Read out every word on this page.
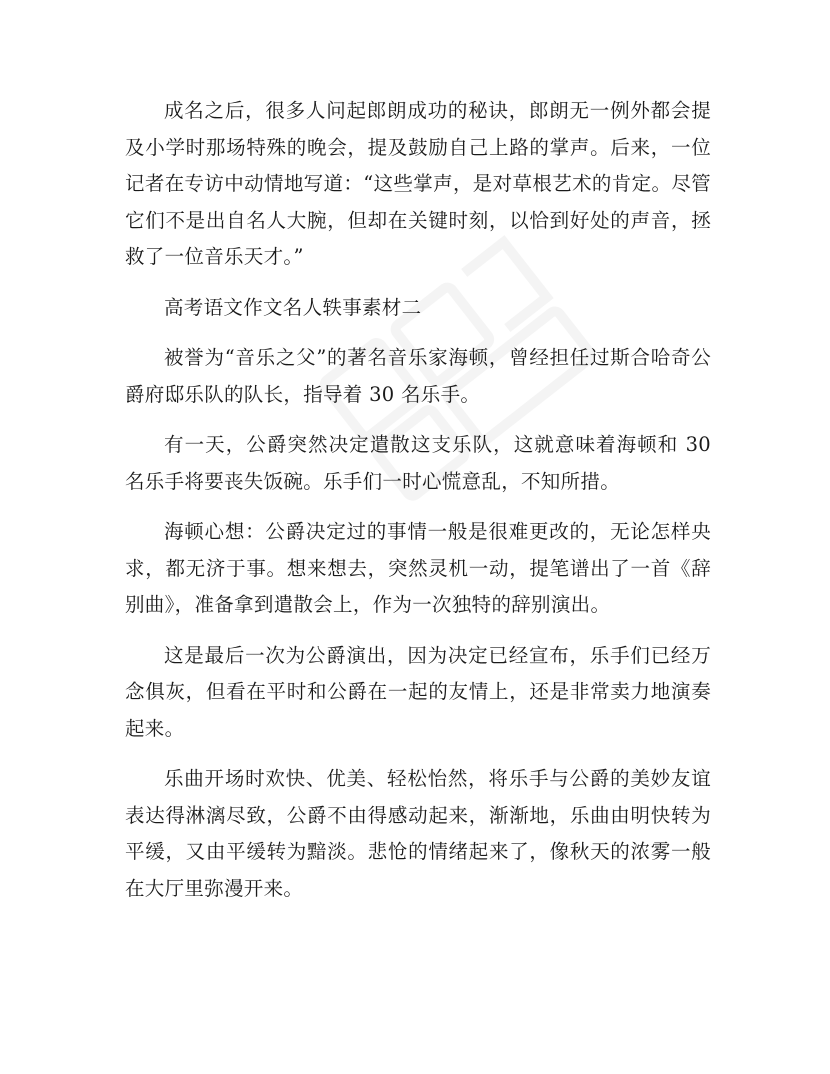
成名之后，很多人问起郎朗成功的秘诀，郎朗无一例外都会提及小学时那场特殊的晚会，提及鼓励自己上路的掌声。后来，一位记者在专访中动情地写道：“这些掌声，是对草根艺术的肯定。尽管它们不是出自名人大腕，但却在关键时刻，以恰到好处的声音，拯救了一位音乐天才。”

高考语文作文名人轶事素材二

被誉为“音乐之父”的著名音乐家海顿，曾经担任过斯合哈奇公爵府邸乐队的队长，指导着 30 名乐手。

有一天，公爵突然决定遣散这支乐队，这就意味着海顿和 30 名乐手将要丧失饭碗。乐手们一时心慌意乱，不知所措。

海顿心想：公爵决定过的事情一般是很难更改的，无论怎样央求，都无济于事。想来想去，突然灵机一动，提笔谱出了一首《辞别曲》，准备拿到遣散会上，作为一次独特的辞别演出。

这是最后一次为公爵演出，因为决定已经宣布，乐手们已经万念俱灰，但看在平时和公爵在一起的友情上，还是非常卖力地演奏起来。

乐曲开场时欢快、优美、轻松怡然，将乐手与公爵的美妙友谊表达得淋漓尽致，公爵不由得感动起来，渐渐地，乐曲由明快转为平缓，又由平缓转为黯淡。悲怆的情绪起来了，像秋天的浓雾一般在大厅里弥漫开来。
